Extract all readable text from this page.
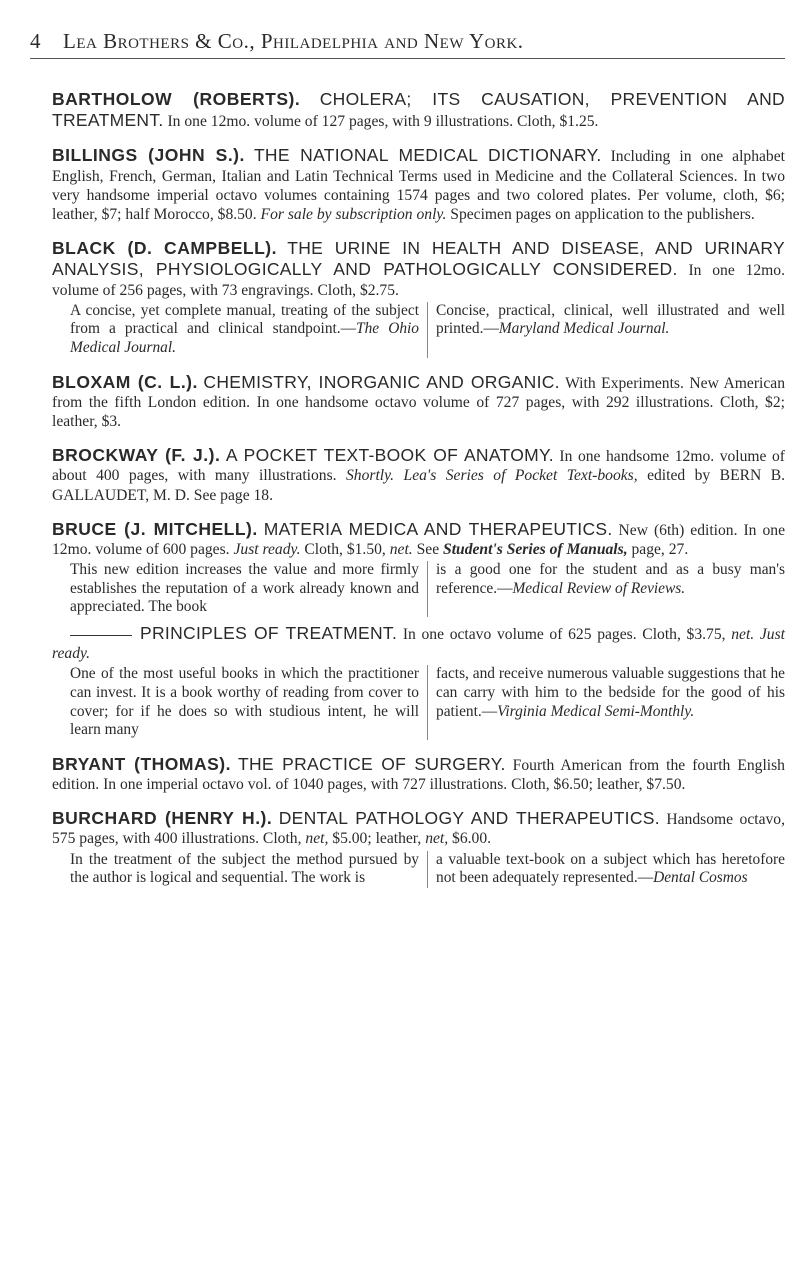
4 Lea Brothers & Co., Philadelphia and New York.

BARTHOLOW (ROBERTS). CHOLERA; ITS CAUSATION, PREVENTION AND TREATMENT. In one 12mo. volume of 127 pages, with 9 illustrations. Cloth, $1.25.

BILLINGS (JOHN S.). THE NATIONAL MEDICAL DICTIONARY. Including in one alphabet English, French, German, Italian and Latin Technical Terms used in Medicine and the Collateral Sciences. In two very handsome imperial octavo volumes containing 1574 pages and two colored plates. Per volume, cloth, $6; leather, $7; half Morocco, $8.50. For sale by subscription only. Specimen pages on application to the publishers.

BLACK (D. CAMPBELL). THE URINE IN HEALTH AND DISEASE, AND URINARY ANALYSIS, PHYSIOLOGICALLY AND PATHOLOGICALLY CONSIDERED. In one 12mo. volume of 256 pages, with 73 engravings. Cloth, $2.75.

A concise, yet complete manual, treating of the subject from a practical and clinical standpoint.—The Ohio Medical Journal.
Concise, practical, clinical, well illustrated and well printed.—Maryland Medical Journal.

BLOXAM (C. L.). CHEMISTRY, INORGANIC AND ORGANIC. With Experiments. New American from the fifth London edition. In one handsome octavo volume of 727 pages, with 292 illustrations. Cloth, $2; leather, $3.

BROCKWAY (F. J.). A POCKET TEXT-BOOK OF ANATOMY. In one handsome 12mo. volume of about 400 pages, with many illustrations. Shortly. Lea's Series of Pocket Text-books, edited by BERN B. GALLAUDET, M. D. See page 18.

BRUCE (J. MITCHELL). MATERIA MEDICA AND THERAPEUTICS. New (6th) edition. In one 12mo. volume of 600 pages. Just ready. Cloth, $1.50, net. See Student's Series of Manuals, page, 27.

This new edition increases the value and more firmly establishes the reputation of a work already known and appreciated. The book
is a good one for the student and as a busy man's reference.—Medical Review of Reviews.

PRINCIPLES OF TREATMENT. In one octavo volume of 625 pages. Cloth, $3.75, net. Just ready.

One of the most useful books in which the practitioner can invest. It is a book worthy of reading from cover to cover; for if he does so with studious intent, he will learn many
facts, and receive numerous valuable suggestions that he can carry with him to the bedside for the good of his patient.—Virginia Medical Semi-Monthly.

BRYANT (THOMAS). THE PRACTICE OF SURGERY. Fourth American from the fourth English edition. In one imperial octavo vol. of 1040 pages, with 727 illustrations. Cloth, $6.50; leather, $7.50.

BURCHARD (HENRY H.). DENTAL PATHOLOGY AND THERAPEUTICS. Handsome octavo, 575 pages, with 400 illustrations. Cloth, net, $5.00; leather, net, $6.00.

In the treatment of the subject the method pursued by the author is logical and sequential. The work is
a valuable text-book on a subject which has heretofore not been adequately represented.—Dental Cosmos
